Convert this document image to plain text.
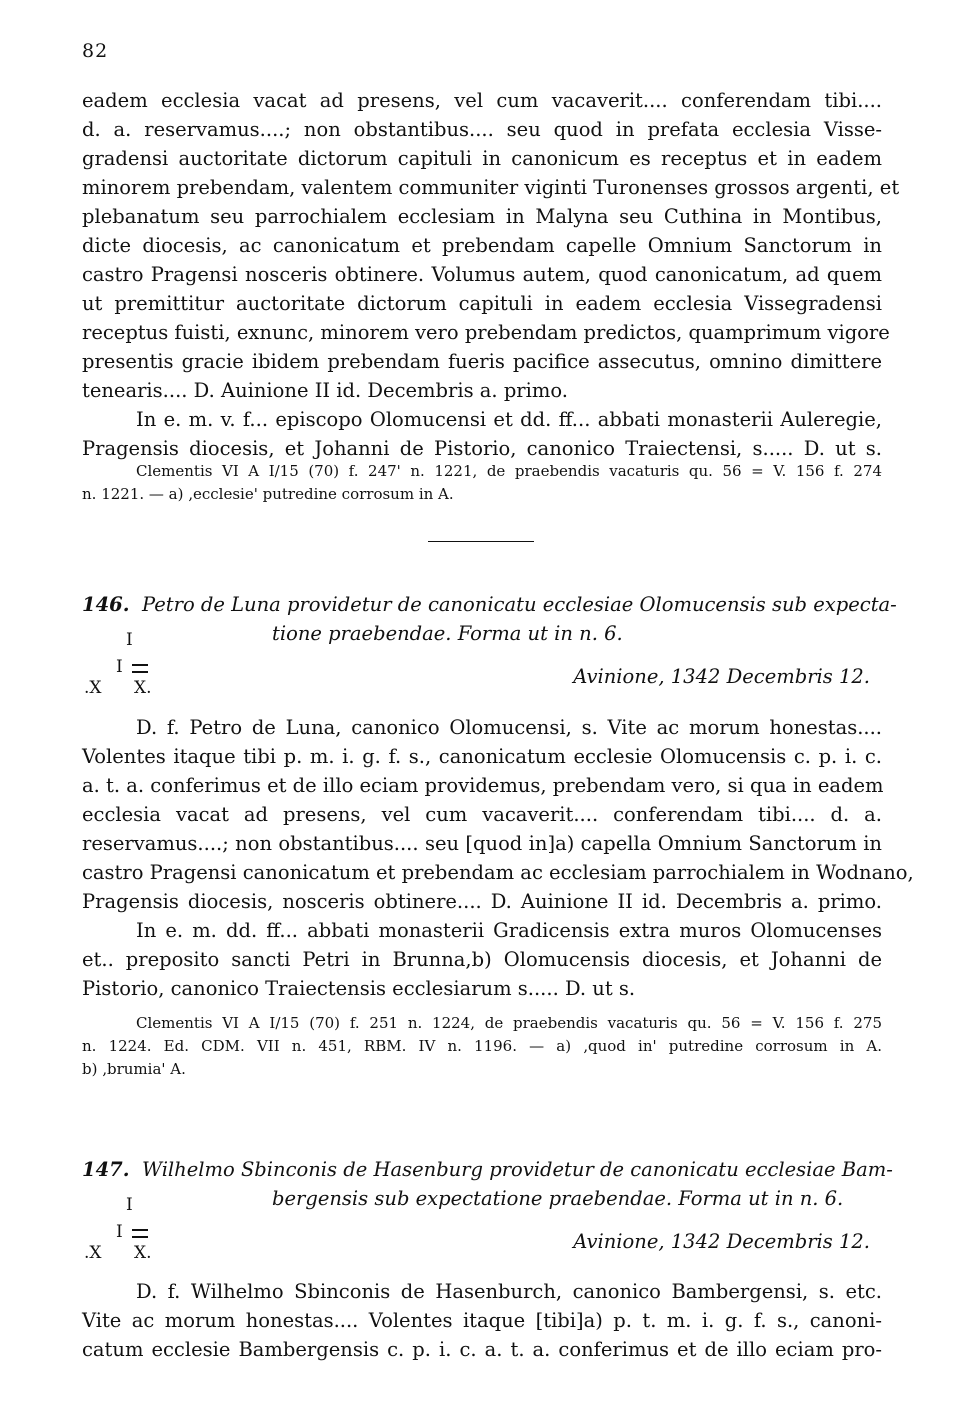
82
eadem ecclesia vacat ad presens, vel cum vacaverit.... conferendam tibi....
d. a. reservamus....; non obstantibus.... seu quod in prefata ecclesia Visse-
gradensi auctoritate dictorum capituli in canonicum es receptus et in eadem
minorem prebendam, valentem communiter viginti Turonenses grossos argenti, et
plebanatum seu parrochialem ecclesiam in Malyna seu Cuthina in Montibus,
dicte diocesis, ac canonicatum et prebendam capelle Omnium Sanctorum in
castro Pragensi nosceris obtinere. Volumus autem, quod canonicatum, ad quem
ut premittitur auctoritate dictorum capituli in eadem ecclesia Vissegradensi
receptus fuisti, exnunc, minorem vero prebendam predictos, quamprimum vigore
presentis gracie ibidem prebendam fueris pacifice assecutus, omnino dimittere
tenearis.... D. Auinione II id. Decembris a. primo.
In e. m. v. f... episcopo Olomucensi et dd. ff... abbati monasterii Auleregie,
Pragensis diocesis, et Johanni de Pistorio, canonico Traiectensi, s..... D. ut s.
Clementis VI A I/15 (70) f. 247' n. 1221, de praebendis vacaturis qu. 56 = V. 156 f. 274
n. 1221. — a) ‚ecclesie' putredine corrosum in A.
146. Petro de Luna providetur de canonicatu ecclesiae Olomucensis sub expecta-
tione praebendae. Forma ut in n. 6.
Avinione, 1342 Decembris 12.
I
I
.X X.
D. f. Petro de Luna, canonico Olomucensi, s. Vite ac morum honestas....
Volentes itaque tibi p. m. i. g. f. s., canonicatum ecclesie Olomucensis c. p. i. c.
a. t. a. conferimus et de illo eciam providemus, prebendam vero, si qua in eadem
ecclesia vacat ad presens, vel cum vacaverit.... conferendam tibi.... d. a.
reservamus....; non obstantibus.... seu [quod in]a) capella Omnium Sanctorum in
castro Pragensi canonicatum et prebendam ac ecclesiam parrochialem in Wodnano,
Pragensis diocesis, nosceris obtinere.... D. Auinione II id. Decembris a. primo.
In e. m. dd. ff... abbati monasterii Gradicensis extra muros Olomucenses
et.. preposito sancti Petri in Brunna,b) Olomucensis diocesis, et Johanni de
Pistorio, canonico Traiectensis ecclesiarum s..... D. ut s.
Clementis VI A I/15 (70) f. 251 n. 1224, de praebendis vacaturis qu. 56 = V. 156 f. 275
n. 1224. Ed. CDM. VII n. 451, RBM. IV n. 1196. — a) ‚quod in' putredine corrosum in A.
b) ‚brumia' A.
147. Wilhelmo Sbinconis de Hasenburg providetur de canonicatu ecclesiae Bam-
bergensis sub expectatione praebendae. Forma ut in n. 6.
Avinione, 1342 Decembris 12.
I
I
.X X.
D. f. Wilhelmo Sbinconis de Hasenburch, canonico Bambergensi, s. etc.
Vite ac morum honestas.... Volentes itaque [tibi]a) p. t. m. i. g. f. s., canoni-
catum ecclesie Bambergensis c. p. i. c. a. t. a. conferimus et de illo eciam pro-
